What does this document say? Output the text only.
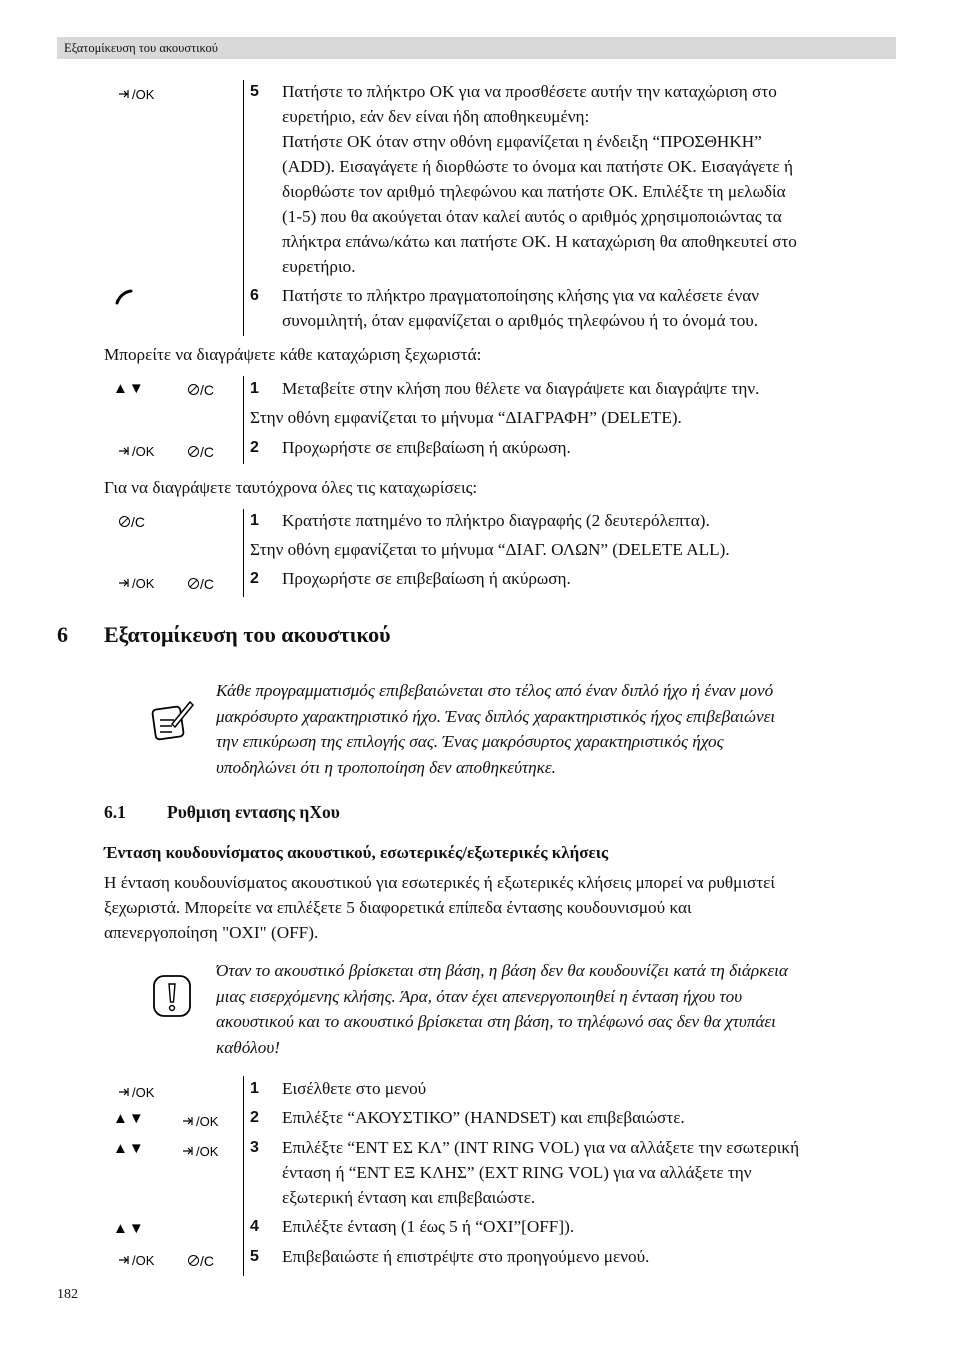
Εξατομίκευση του ακουστικού
/OK	5 Πατήστε το πλήκτρο OK για να προσθέσετε αυτήν την καταχώριση στο
ευρετήριο, εάν δεν είναι ήδη αποθηκευμένη:
Πατήστε OK όταν στην οθόνη εμφανίζεται η ένδειξη “ΠΡΟΣΘΗΚΗ”
(ADD). Εισαγάγετε ή διορθώστε το όνομα και πατήστε OK. Εισαγάγετε ή
διορθώστε τον αριθμό τηλεφώνου και πατήστε OK. Επιλέξτε τη μελωδία
(1-5) που θα ακούγεται όταν καλεί αυτός ο αριθμός χρησιμοποιώντας τα
πλήκτρα επάνω/κάτω και πατήστε OK. Η καταχώριση θα αποθηκευτεί στο
ευρετήριο.
6 Πατήστε το πλήκτρο πραγματοποίησης κλήσης για να καλέσετε έναν
συνομιλητή, όταν εμφανίζεται ο αριθμός τηλεφώνου ή το όνομά του.
Μπορείτε να διαγράψετε κάθε καταχώριση ξεχωριστά:
▲▼	/C 1 Μεταβείτε στην κλήση που θέλετε να διαγράψετε και διαγράψτε την.
Στην οθόνη εμφανίζεται το μήνυμα “ΔΙΑΓΡΑΦΗ” (DELETE).
/OK	/C 2 Προχωρήστε σε επιβεβαίωση ή ακύρωση.
Για να διαγράψετε ταυτόχρονα όλες τις καταχωρίσεις:
/C	1 Κρατήστε πατημένο το πλήκτρο διαγραφής (2 δευτερόλεπτα).
Στην οθόνη εμφανίζεται το μήνυμα “ΔΙΑΓ. ΟΛΩΝ” (DELETE ALL).
/OK	/C 2 Προχωρήστε σε επιβεβαίωση ή ακύρωση.
6 Εξατομίκευση του ακουστικού
Κάθε προγραμματισμός επιβεβαιώνεται στο τέλος από έναν διπλό ήχο ή έναν μονό
μακρόσυρτο χαρακτηριστικό ήχο. Ένας διπλός χαρακτηριστικός ήχος επιβεβαιώνει
την επικύρωση της επιλογής σας. Ένας μακρόσυρτος χαρακτηριστικός ήχος
υποδηλώνει ότι η τροποποίηση δεν αποθηκεύτηκε.
6.1 Ρυθμιση εντασης ηΧου
Ένταση κουδουνίσματος ακουστικού, εσωτερικές/εξωτερικές κλήσεις
Η ένταση κουδουνίσματος ακουστικού για εσωτερικές ή εξωτερικές κλήσεις μπορεί να ρυθμιστεί
ξεχωριστά. Μπορείτε να επιλέξετε 5 διαφορετικά επίπεδα έντασης κουδουνισμού και
απενεργοποίηση "ΟΧΙ" (OFF).
Όταν το ακουστικό βρίσκεται στη βάση, η βάση δεν θα κουδουνίζει κατά τη διάρκεια
μιας εισερχόμενης κλήσης. Άρα, όταν έχει απενεργοποιηθεί η ένταση ήχου του
ακουστικού και το ακουστικό βρίσκεται στη βάση, το τηλέφωνό σας δεν θα χτυπάει
καθόλου!
/OK	1 Εισέλθετε στο μενού
▲▼	/OK 2 Επιλέξτε “ΑΚΟΥΣΤΙΚΟ” (HANDSET) και επιβεβαιώστε.
▲▼	/OK 3 Επιλέξτε “ΕΝΤ ΕΣ ΚΛ” (INT RING VOL) για να αλλάξετε την εσωτερική
ένταση ή “ΕΝΤ ΕΞ ΚΛΗΣ” (EXT RING VOL) για να αλλάξετε την
εξωτερική ένταση και επιβεβαιώστε.
▲▼	4 Επιλέξτε ένταση (1 έως 5 ή “ΟΧΙ”[OFF]).
/OK	/C 5 Επιβεβαιώστε ή επιστρέψτε στο προηγούμενο μενού.
182
